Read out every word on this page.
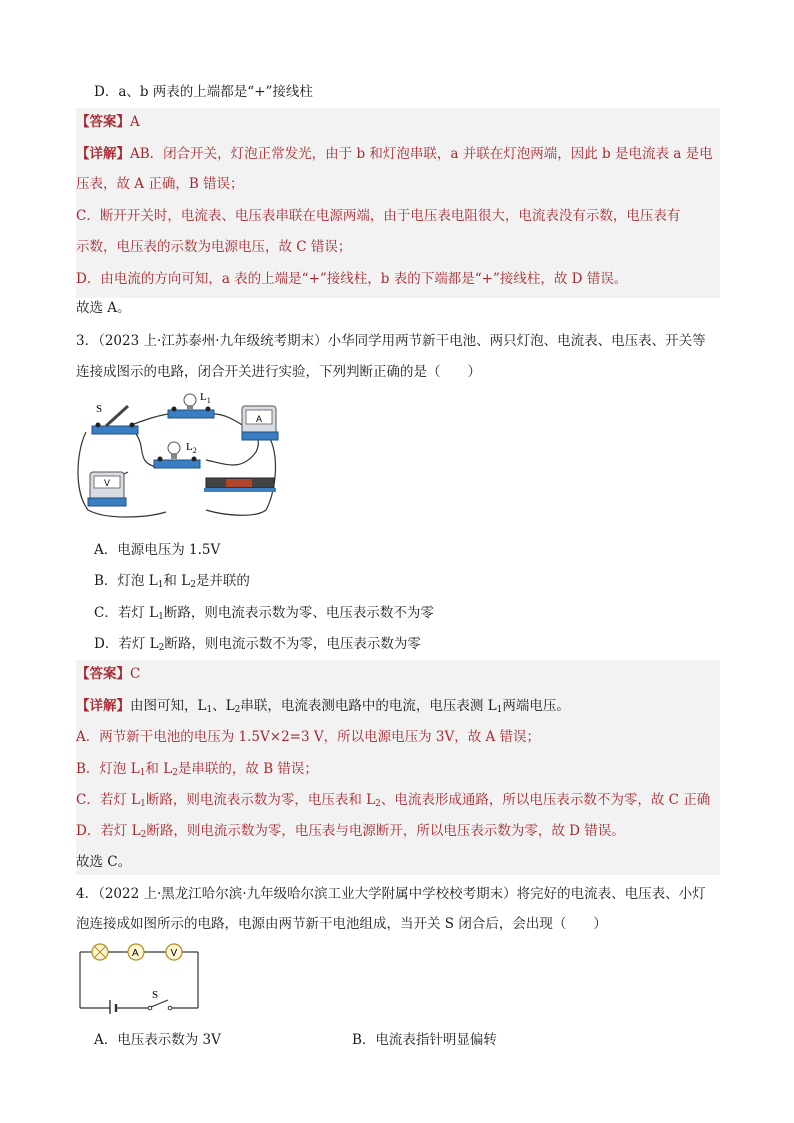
D．a、b 两表的上端都是“+”接线柱
【答案】A
【详解】AB．闭合开关，灯泡正常发光，由于 b 和灯泡串联，a 并联在灯泡两端，因此 b 是电流表 a 是电
压表，故 A 正确，B 错误；
C．断开开关时，电流表、电压表串联在电源两端，由于电压表电阻很大，电流表没有示数，电压表有
示数，电压表的示数为电源电压，故 C 错误；
D．由电流的方向可知，a 表的上端是“+”接线柱，b 表的下端都是“+”接线柱，故 D 错误。
故选 A。
3．（2023 上·江苏泰州·九年级统考期末）小华同学用两节新干电池、两只灯泡、电流表、电压表、开关等
连接成图示的电路，闭合开关进行实验，下列判断正确的是（　　）
S
$L_1$
$L_2$
A
V
A．电源电压为 1.5V
B．灯泡 $L_1$和 $L_2$是并联的
C．若灯 $L_1$断路，则电流表示数为零、电压表示数不为零
D．若灯 $L_2$断路，则电流示数不为零，电压表示数为零
【答案】C
【详解】由图可知，$L_1$、$L_2$串联，电流表测电路中的电流，电压表测 $L_1$两端电压。
A．两节新干电池的电压为 1.5V×2=3 V，所以电源电压为 3V，故 A 错误；
B．灯泡 $L_1$和 $L_2$是串联的，故 B 错误；
C．若灯 $L_1$断路，则电流表示数为零，电压表和 $L_2$、电流表形成通路，所以电压表示数不为零，故 C 正确
D．若灯 $L_2$断路，则电流示数为零，电压表与电源断开，所以电压表示数为零，故 D 错误。
故选 C。
4．（2022 上·黑龙江哈尔滨·九年级哈尔滨工业大学附属中学校校考期末）将完好的电流表、电压表、小灯
泡连接成如图所示的电路，电源由两节新干电池组成，当开关 S 闭合后，会出现（　　）
A	V
S
A．电压表示数为 3V	B．电流表指针明显偏转
